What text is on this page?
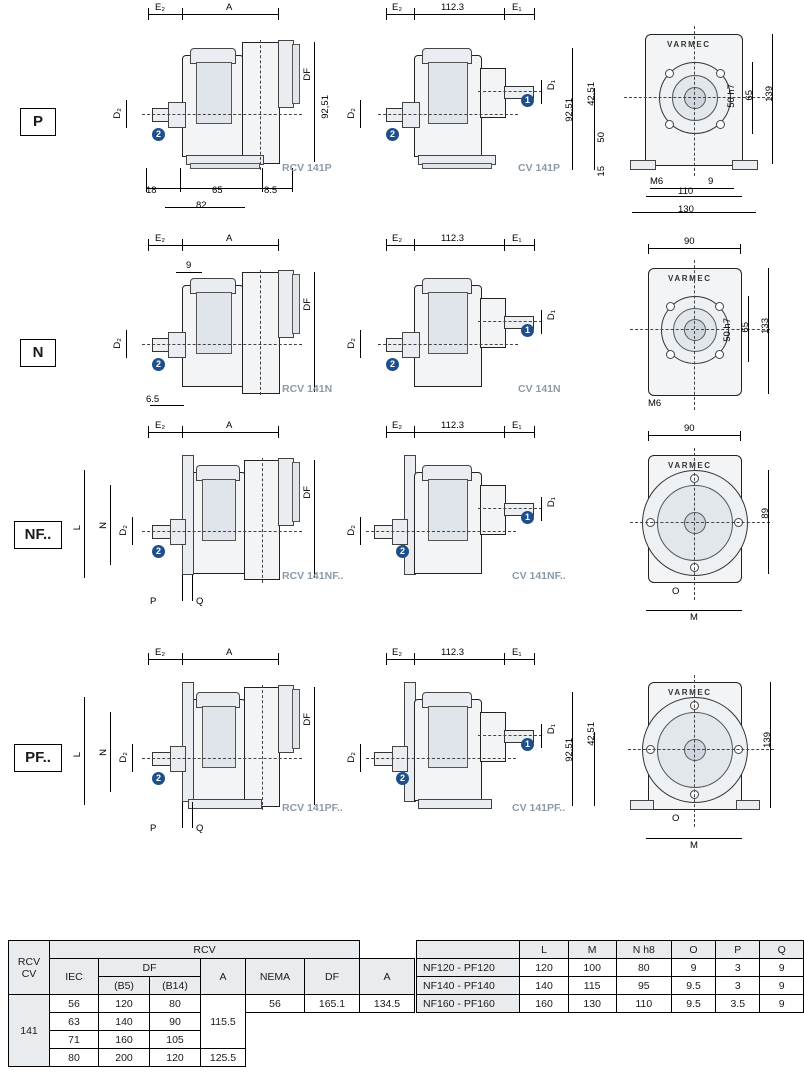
P
E₂	A
2
D₂
DF
92,51
18	65	8.5
82
RCV 141P
E₂	112.3	E₁
1
2
D₁
D₂	92,51
42,51
50
15
CV 141P
VARMEC
139
65
50 h7
M6	9
110
130
N
E₂	A
9
2
D₂
DF
6.5
RCV 141N
E₂	112.3	E₁
1
2
D₁
D₂
CV 141N
90
VARMEC
133
65
50 h7
M6
NF..
E₂	A
2
L N D₂
DF
P	Q
RCV 141NF..
E₂	112.3	E₁
1
2
D₁
D₂
CV 141NF..
90
VARMEC
89
O
M
PF..
E₂	A
2
L N D₂
DF
P	Q
RCV 141PF..
E₂	112.3	E₁
1
2
D₁
D₂	92,51
42,51
CV 141PF..
VARMEC
139
O
M
RCV
CV	RCV						
	IEC	DF		A	NEMA	DF	A
		(B5)	(B14)				
141	56	120	80	115.5	56	165.1	134.5
	63	140	90				
	71	160	105				
	80	200	120	125.5			
	L	M	N h8	O	P	Q
NF120 - PF120	120	100	80	9	3	9
NF140 - PF140	140	115	95	9.5	3	9
NF160 - PF160	160	130	110	9.5	3.5	9
